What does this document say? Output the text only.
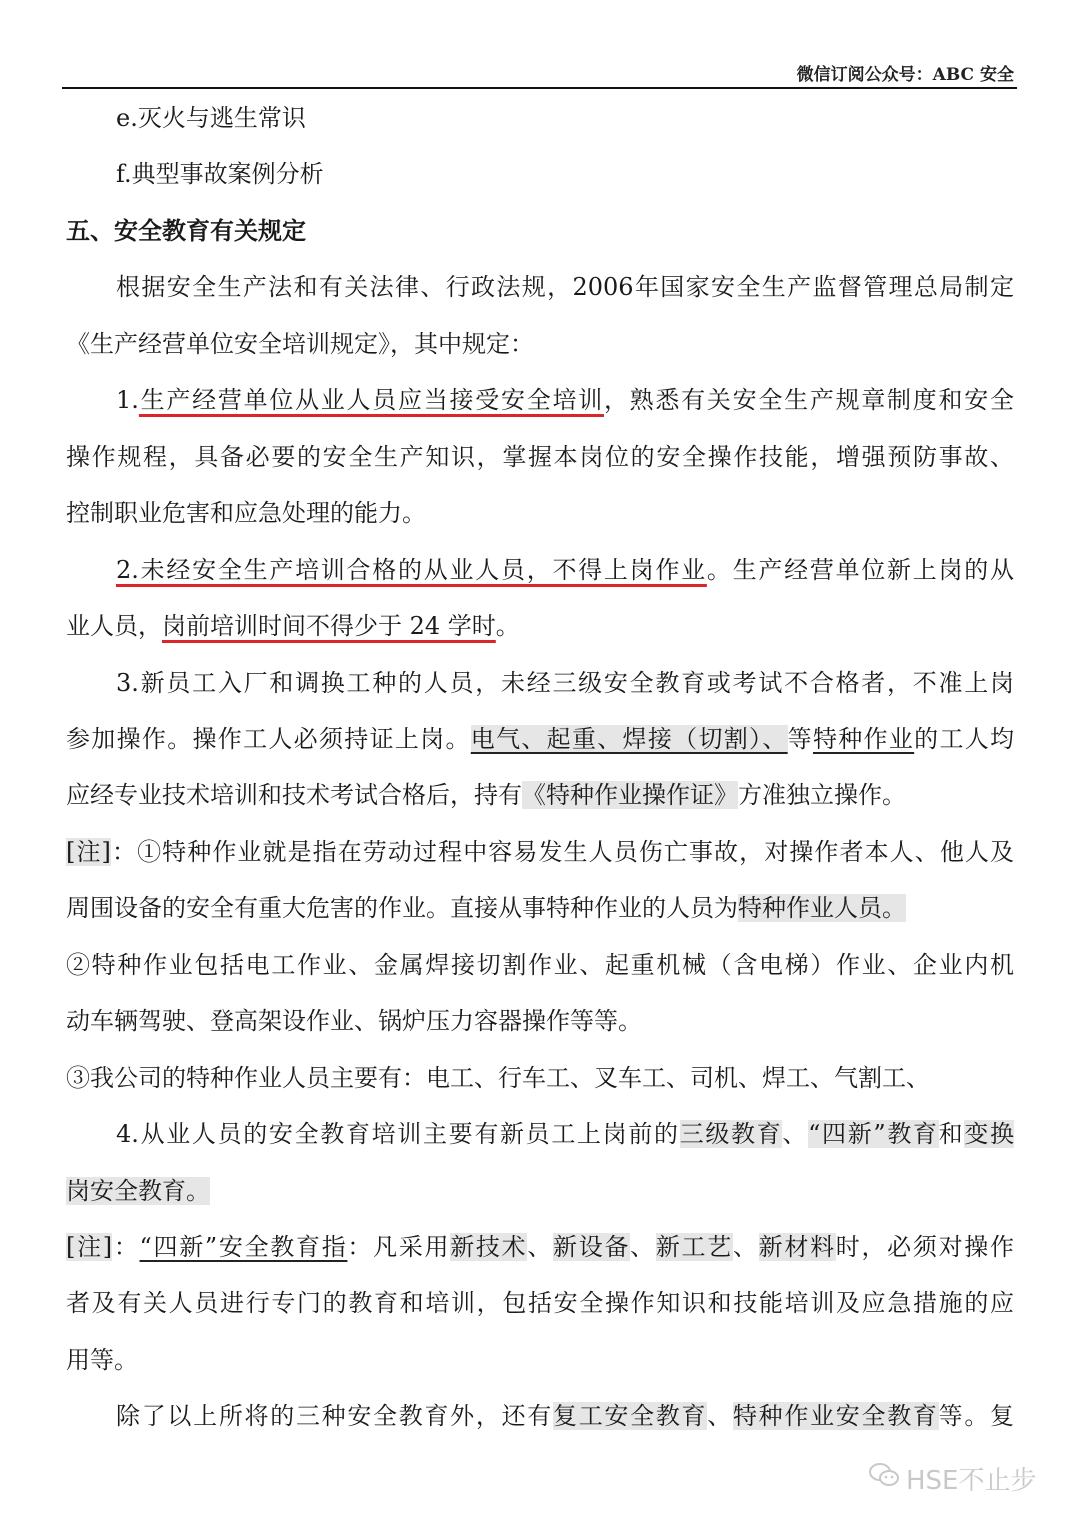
微信订阅公众号：ABC 安全
e.灭火与逃生常识
f.典型事故案例分析
五、安全教育有关规定
根据安全生产法和有关法律、行政法规，2006年国家安全生产监督管理总局制定
《生产经营单位安全培训规定》，其中规定：
1.生产经营单位从业人员应当接受安全培训，熟悉有关安全生产规章制度和安全
操作规程，具备必要的安全生产知识，掌握本岗位的安全操作技能，增强预防事故、
控制职业危害和应急处理的能力。
2.未经安全生产培训合格的从业人员，不得上岗作业。生产经营单位新上岗的从
业人员，岗前培训时间不得少于 24 学时。
3.新员工入厂和调换工种的人员，未经三级安全教育或考试不合格者，不准上岗
参加操作。操作工人必须持证上岗。电气、起重、焊接（切割）、等特种作业的工人均
应经专业技术培训和技术考试合格后，持有《特种作业操作证》方准独立操作。
[注]：①特种作业就是指在劳动过程中容易发生人员伤亡事故，对操作者本人、他人及
周围设备的安全有重大危害的作业。直接从事特种作业的人员为特种作业人员。
②特种作业包括电工作业、金属焊接切割作业、起重机械（含电梯）作业、企业内机
动车辆驾驶、登高架设作业、锅炉压力容器操作等等。
③我公司的特种作业人员主要有：电工、行车工、叉车工、司机、焊工、气割工、
4.从业人员的安全教育培训主要有新员工上岗前的三级教育、“四新”教育和变换
岗安全教育。
[注]：“四新”安全教育指：凡采用新技术、新设备、新工艺、新材料时，必须对操作
者及有关人员进行专门的教育和培训，包括安全操作知识和技能培训及应急措施的应
用等。
除了以上所将的三种安全教育外，还有复工安全教育、特种作业安全教育等。复
HSE不止步
